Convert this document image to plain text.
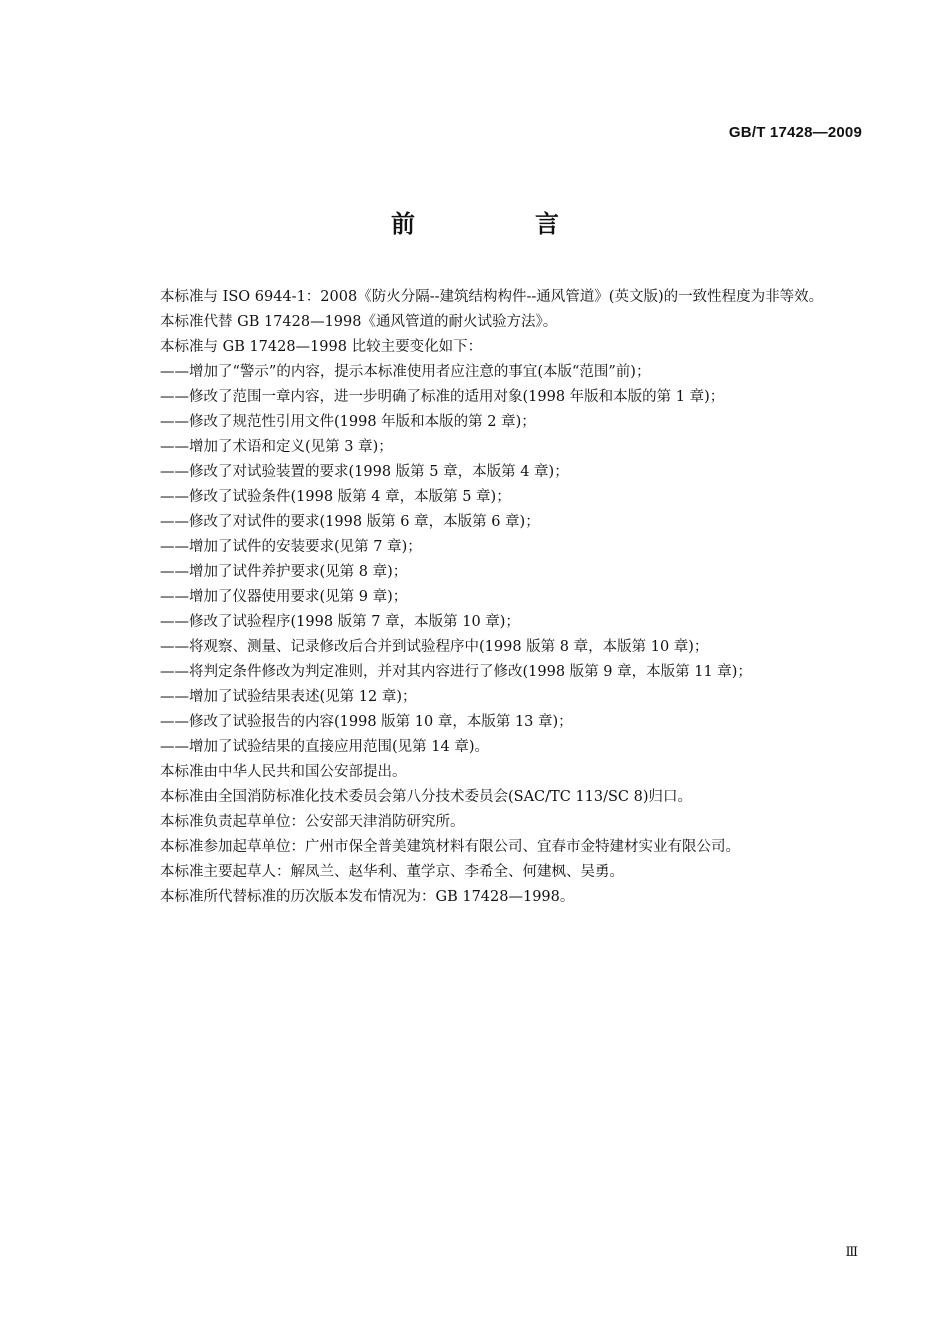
GB/T 17428—2009
前　言

本标准与 ISO 6944-1：2008《防火分隔--建筑结构构件--通风管道》(英文版)的一致性程度为非等效。

本标准代替 GB 17428—1998《通风管道的耐火试验方法》。

本标准与 GB 17428—1998 比较主要变化如下：

——增加了“警示”的内容，提示本标准使用者应注意的事宜(本版“范围”前)；

——修改了范围一章内容，进一步明确了标准的适用对象(1998 年版和本版的第 1 章)；

——修改了规范性引用文件(1998 年版和本版的第 2 章)；

——增加了术语和定义(见第 3 章)；

——修改了对试验装置的要求(1998 版第 5 章，本版第 4 章)；

——修改了试验条件(1998 版第 4 章，本版第 5 章)；

——修改了对试件的要求(1998 版第 6 章，本版第 6 章)；

——增加了试件的安装要求(见第 7 章)；

——增加了试件养护要求(见第 8 章)；

——增加了仪器使用要求(见第 9 章)；

——修改了试验程序(1998 版第 7 章，本版第 10 章)；

——将观察、测量、记录修改后合并到试验程序中(1998 版第 8 章，本版第 10 章)；

——将判定条件修改为判定准则，并对其内容进行了修改(1998 版第 9 章，本版第 11 章)；

——增加了试验结果表述(见第 12 章)；

——修改了试验报告的内容(1998 版第 10 章，本版第 13 章)；

——增加了试验结果的直接应用范围(见第 14 章)。

本标准由中华人民共和国公安部提出。

本标准由全国消防标准化技术委员会第八分技术委员会(SAC/TC 113/SC 8)归口。

本标准负责起草单位：公安部天津消防研究所。

本标准参加起草单位：广州市保全普美建筑材料有限公司、宜春市金特建材实业有限公司。

本标准主要起草人：解凤兰、赵华利、董学京、李希全、何建枫、吴勇。

本标准所代替标准的历次版本发布情况为：GB 17428—1998。

Ⅲ
